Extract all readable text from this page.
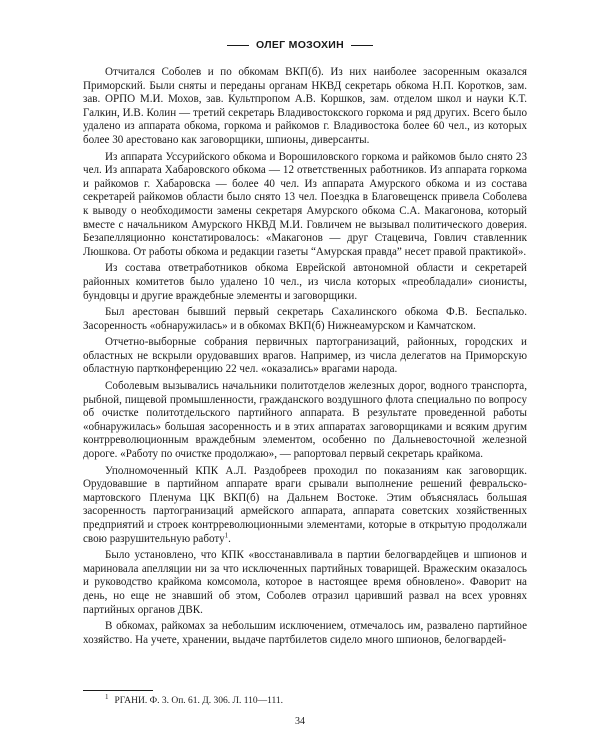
ОЛЕГ МОЗОХИН

Отчитался Соболев и по обкомам ВКП(б). Из них наиболее засоренным оказался Приморский. Были сняты и переданы органам НКВД секретарь обкома Н.П. Коротков, зам. зав. ОРПО М.И. Мохов, зав. Культпропом А.В. Коршков, зам. отделом школ и науки К.Т. Галкин, И.В. Колин — третий секретарь Владивостокского горкома и ряд других. Всего было удалено из аппарата обкома, горкома и райкомов г. Владивостока более 60 чел., из которых более 30 арестовано как заговорщики, шпионы, диверсанты.

Из аппарата Уссурийского обкома и Ворошиловского горкома и райкомов было снято 23 чел. Из аппарата Хабаровского обкома — 12 ответственных работников. Из аппарата горкома и райкомов г. Хабаровска — более 40 чел. Из аппарата Амурского обкома и из состава секретарей райкомов области было снято 13 чел. Поездка в Благовещенск привела Соболева к выводу о необходимости замены секретаря Амурского обкома С.А. Макагонова, который вместе с начальником Амурского НКВД М.И. Говличем не вызывал политического доверия. Безапелляционно констатировалось: «Макагонов — друг Стацевича, Говлич ставленник Люшкова. От работы обкома и редакции газеты “Амурская правда” несет правой практикой».

Из состава ответработников обкома Еврейской автономной области и секретарей районных комитетов было удалено 10 чел., из числа которых «преобладали» сионисты, бундовцы и другие враждебные элементы и заговорщики.

Был арестован бывший первый секретарь Сахалинского обкома Ф.В. Беспалько. Засоренность «обнаружилась» и в обкомах ВКП(б) Нижнеамурском и Камчатском.

Отчетно-выборные собрания первичных партогранизаций, районных, городских и областных не вскрыли орудовавших врагов. Например, из числа делегатов на Приморскую областную партконференцию 22 чел. «оказались» врагами народа.

Соболевым вызывались начальники политотделов железных дорог, водного транспорта, рыбной, пищевой промышленности, гражданского воздушного флота специально по вопросу об очистке политотдельского партийного аппарата. В результате проведенной работы «обнаружилась» большая засоренность и в этих аппаратах заговорщиками и всяким другим контрреволюционным враждебным элементом, особенно по Дальневосточной железной дороге. «Работу по очистке продолжаю», — рапортовал первый секретарь крайкома.

Уполномоченный КПК А.Л. Раздобреев проходил по показаниям как заговорщик. Орудовавшие в партийном аппарате враги срывали выполнение решений февральско-мартовского Пленума ЦК ВКП(б) на Дальнем Востоке. Этим объяснялась большая засоренность партогранизаций армейского аппарата, аппарата советских хозяйственных предприятий и строек контрреволюционными элементами, которые в открытую продолжали свою разрушительную работу$^1$.

Было установлено, что КПК «восстанавливала в партии белогвардейцев и шпионов и мариновала апелляции ни за что исключенных партийных товарищей. Вражеским оказалось и руководство крайкома комсомола, которое в настоящее время обновлено». Фаворит на день, но еще не знавший об этом, Соболев отразил царивший развал на всех уровнях партийных органов ДВК.

В обкомах, райкомах за небольшим исключением, отмечалось им, развалено партийное хозяйство. На учете, хранении, выдаче партбилетов сидело много шпионов, белогвардей-

$^1$ РГАНИ. Ф. 3. Оп. 61. Д. 306. Л. 110—111.
34
